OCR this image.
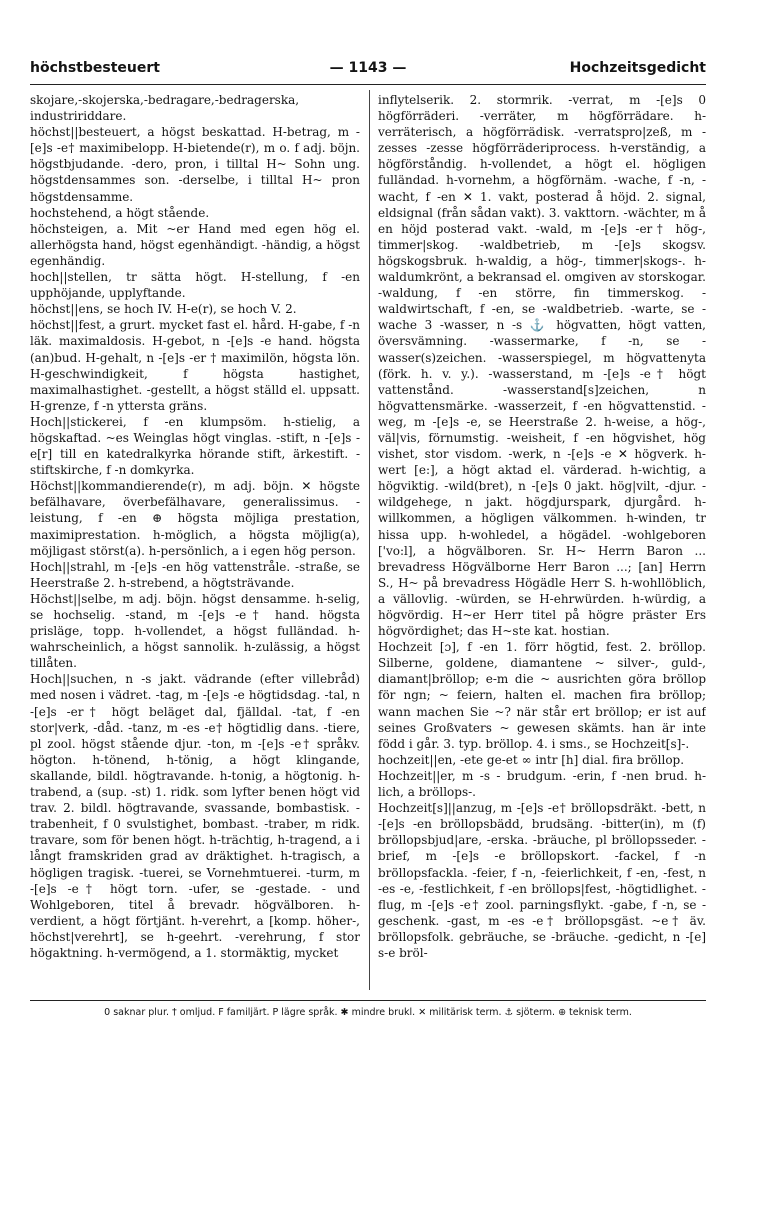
höchstbesteuert	— 1143 —	Hochzeitsgedicht

skojare,-skojerska,-bedragare,-bedragerska, industririddare.

höchst||besteuert, a högst beskattad. H-betrag, m -[e]s -e† maximibelopp. H-bietende(r), m o. f adj. böjn. högstbjudande. -dero, pron, i tilltal H~ Sohn ung. högstdensammes son. -derselbe, i tilltal H~ pron högstdensamme.

hochstehend, a högt stående.

höchsteigen, a. Mit ~er Hand med egen hög el. allerhögsta hand, högst egenhändigt. -händig, a högst egenhändig.

hoch||stellen, tr sätta högt. H-stellung, f -en upphöjande, upplyftande.

höchst||ens, se hoch IV. H-e(r), se hoch V. 2.

höchst||fest, a grurt. mycket fast el. hård. H-gabe, f -n läk. maximaldosis. H-gebot, n -[e]s -e hand. högsta (an)bud. H-gehalt, n -[e]s -er † maximilön, högsta lön. H-geschwindigkeit, f högsta hastighet, maximalhastighet. -gestellt, a högst ställd el. uppsatt. H-grenze, f -n yttersta gräns.

Hoch||stickerei, f -en klumpsöm. h-stielig, a högskaftad. ~es Weinglas högt vinglas. -stift, n -[e]s -e[r] till en katedralkyrka hörande stift, ärkestift. -stiftskirche, f -n domkyrka.

Höchst||kommandierende(r), m adj. böjn. ✕ högste befälhavare, överbefälhavare, generalissimus. -leistung, f -en ⊕ högsta möjliga prestation, maximiprestation. h-möglich, a högsta möjlig(a), möjligast störst(a). h-persönlich, a i egen hög person.

Hoch||strahl, m -[e]s -en hög vattenstråle. -straße, se Heerstraße 2. h-strebend, a högtsträvande.

Höchst||selbe, m adj. böjn. högst densamme. h-selig, se hochselig. -stand, m -[e]s -e† hand. högsta prisläge, topp. h-vollendet, a högst fulländad. h-wahrscheinlich, a högst sannolik. h-zulässig, a högst tillåten.

Hoch||suchen, n -s jakt. vädrande (efter villebråd) med nosen i vädret. -tag, m -[e]s -e högtidsdag. -tal, n -[e]s -er† högt beläget dal, fjälldal. -tat, f -en stor|verk, -dåd. -tanz, m -es -e† högtidlig dans. -tiere, pl zool. högst stående djur. -ton, m -[e]s -e† språkv. högton. h-tönend, h-tönig, a högt klingande, skallande, bildl. högtravande. h-tonig, a högtonig. h-trabend, a (sup. -st) 1. ridk. som lyfter benen högt vid trav. 2. bildl. högtravande, svassande, bombastisk. -trabenheit, f 0 svulstighet, bombast. -traber, m ridk. travare, som för benen högt. h-trächtig, h-tragend, a i långt framskriden grad av dräktighet. h-tragisch, a högligen tragisk. -tuerei, se Vornehmtuerei. -turm, m -[e]s -e† högt torn. -ufer, se -gestade. - und Wohlgeboren, titel å brevadr. högvälboren. h-verdient, a högt förtjänt. h-verehrt, a [komp. höher-, höchst|verehrt], se h-geehrt. -verehrung, f stor högaktning. h-vermögend, a 1. stormäktig, mycket

inflytelserik. 2. stormrik. -verrat, m -[e]s 0 högförräderi. -verräter, m högförrädare. h-verräterisch, a högförrädisk. -verratspro|zeß, m -zesses -zesse högförräderiprocess. h-verständig, a högförståndig. h-vollendet, a högt el. högligen fulländad. h-vornehm, a högförnäm. -wache, f -n, -wacht, f -en ✕ 1. vakt, posterad å höjd. 2. signal, eldsignal (från sådan vakt). 3. vakttorn. -wächter, m å en höjd posterad vakt. -wald, m -[e]s -er† hög-, timmer|skog. -waldbetrieb, m -[e]s skogsv. högskogsbruk. h-waldig, a hög-, timmer|skogs-. h-waldumkrönt, a bekransad el. omgiven av storskogar. -waldung, f -en större, fin timmerskog. -waldwirtschaft, f -en, se -waldbetrieb. -warte, se -wache 3 -wasser, n -s ⚓ högvatten, högt vatten, översvämning. -wassermarke, f -n, se -wasser(s)zeichen. -wasserspiegel, m högvattenyta (förk. h. v. y.). -wasserstand, m -[e]s -e† högt vattenstånd. -wasserstand[s]zeichen, n högvattensmärke. -wasserzeit, f -en högvattenstid. -weg, m -[e]s -e, se Heerstraße 2. h-weise, a hög-, väl|vis, förnumstig. -weisheit, f -en högvishet, hög vishet, stor visdom. -werk, n -[e]s -e ✕ högverk. h-wert [e:], a högt aktad el. värderad. h-wichtig, a högviktig. -wild(bret), n -[e]s 0 jakt. hög|vilt, -djur. -wildgehege, n jakt. högdjurspark, djurgård. h-willkommen, a högligen välkommen. h-winden, tr hissa upp. h-wohledel, a högädel. -wohlgeboren ['vo:l], a högvälboren. Sr. H~ Herrn Baron ... brevadress Högvälborne Herr Baron ...; [an] Herrn S., H~ på brevadress Högädle Herr S. h-wohllöblich, a vällovlig. -würden, se H-ehrwürden. h-würdig, a högvördig. H~er Herr titel på högre präster Ers högvördighet; das H~ste kat. hostian.

Hochzeit [ɔ], f -en 1. förr högtid, fest. 2. bröllop. Silberne, goldene, diamantene ~ silver-, guld-, diamant|bröllop; e-m die ~ ausrichten göra bröllop för ngn; ~ feiern, halten el. machen fira bröllop; wann machen Sie ~? när står ert bröllop; er ist auf seines Großvaters ~ gewesen skämts. han är inte född i går. 3. typ. bröllop. 4. i sms., se Hochzeit[s]-.

hochzeit||en, -ete ge-et ∞ intr [h] dial. fira bröllop.

Hochzeit||er, m -s - brudgum. -erin, f -nen brud. h-lich, a bröllops-.

Hochzeit[s]||anzug, m -[e]s -e† bröllopsdräkt. -bett, n -[e]s -en bröllopsbädd, brudsäng. -bitter(in), m (f) bröllopsbjud|are, -erska. -bräuche, pl bröllopsseder. -brief, m -[e]s -e bröllopskort. -fackel, f -n bröllopsfackla. -feier, f -n, -feierlichkeit, f -en, -fest, n -es -e, -festlichkeit, f -en bröllops|fest, -högtidlighet. -flug, m -[e]s -e† zool. parningsflykt. -gabe, f -n, se -geschenk. -gast, m -es -e† bröllopsgäst. ~e† äv. bröllopsfolk. gebräuche, se -bräuche. -gedicht, n -[e] s-e bröl-

0 saknar plur. † omljud. F familjärt. P lägre språk. ✱ mindre brukl. ✕ militärisk term. ⚓ sjöterm. ⊕ teknisk term.
